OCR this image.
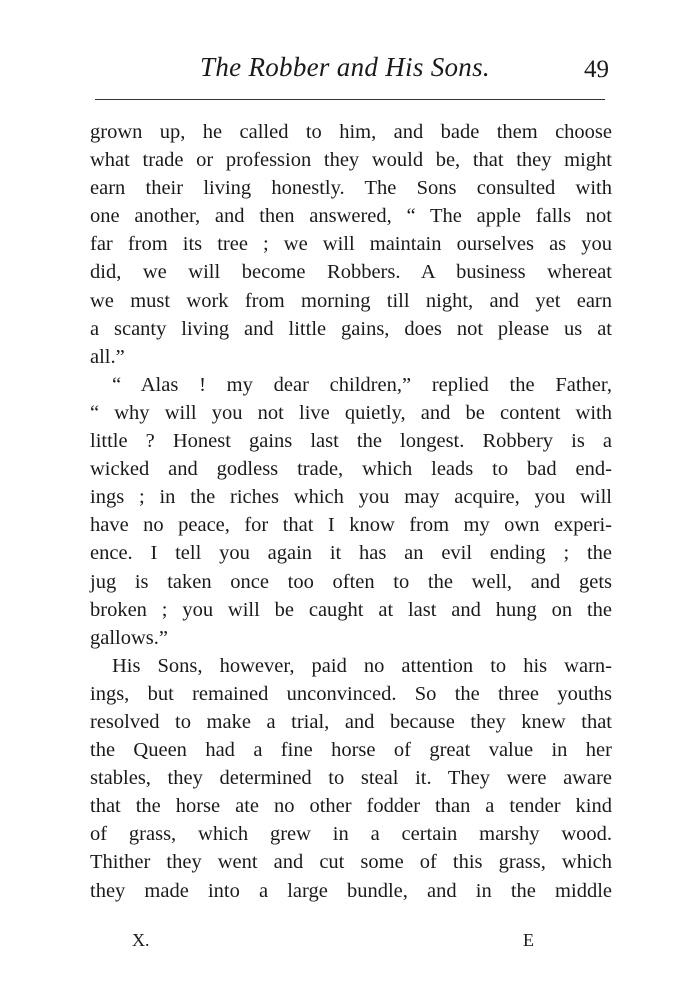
The Robber and His Sons.	49
grown up, he called to him, and bade them choose
what trade or profession they would be, that they might
earn their living honestly. The Sons consulted with
one another, and then answered, “ The apple falls not
far from its tree ; we will maintain ourselves as you
did, we will become Robbers. A business whereat
we must work from morning till night, and yet earn
a scanty living and little gains, does not please us at
all.”
“ Alas ! my dear children,” replied the Father,
“ why will you not live quietly, and be content with
little ? Honest gains last the longest. Robbery is a
wicked and godless trade, which leads to bad end-
ings ; in the riches which you may acquire, you will
have no peace, for that I know from my own experi-
ence. I tell you again it has an evil ending ; the
jug is taken once too often to the well, and gets
broken ; you will be caught at last and hung on the
gallows.”
His Sons, however, paid no attention to his warn-
ings, but remained unconvinced. So the three youths
resolved to make a trial, and because they knew that
the Queen had a fine horse of great value in her
stables, they determined to steal it. They were aware
that the horse ate no other fodder than a tender kind
of grass, which grew in a certain marshy wood.
Thither they went and cut some of this grass, which
they made into a large bundle, and in the middle
X.	E
